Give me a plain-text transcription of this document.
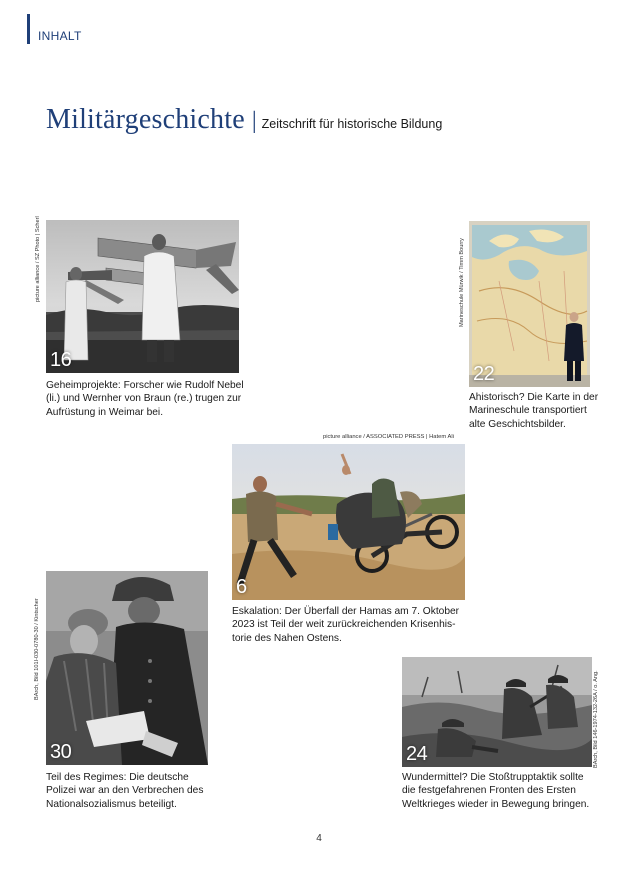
INHALT
Militärgeschichte | Zeitschrift für historische Bildung
picture alliance / SZ Photo | Scherl
16
Geheimprojekte: Forscher wie Rudolf Nebel
(li.) und Wernher von Braun (re.) trugen zur
Aufrüstung in Weimar bei.
Marineschule Mürwik / Timm Bourry
22
Ahistorisch? Die Karte in der
Marineschule transportiert
alte Geschichtsbilder.
picture alliance / ASSOCIATED PRESS | Hatem Ali
6
Eskalation: Der Überfall der Hamas am 7. Oktober
2023 ist Teil der weit zurückreichenden Krisenhis-
torie des Nahen Ostens.
BArch, Bild 101I-030-0780-30 / Kintscher
30
Teil des Regimes: Die deutsche
Polizei war an den Verbrechen des
Nationalsozialismus beteiligt.
BArch, Bild 146-1974-132-26A / o. Ang.
24
Wundermittel? Die Stoßtrupptaktik sollte
die festgefahrenen Fronten des Ersten
Weltkrieges wieder in Bewegung bringen.
4
